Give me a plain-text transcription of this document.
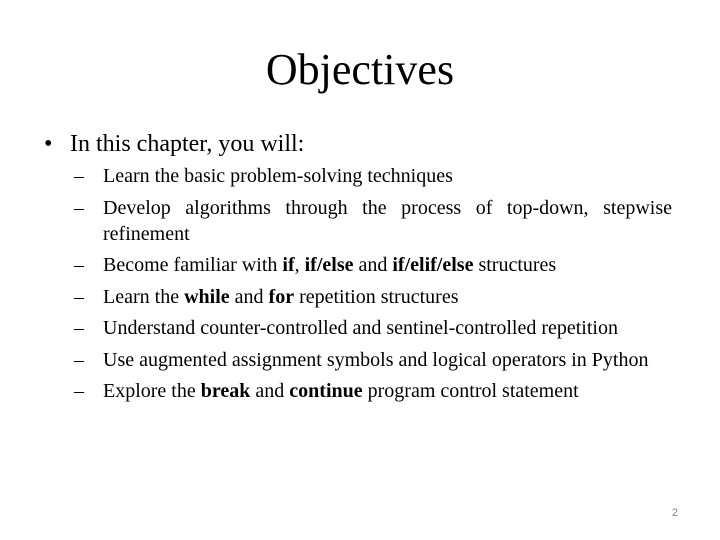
Objectives
• In this chapter, you will:
– Learn the basic problem-solving techniques
– Develop algorithms through the process of top-down, stepwise refinement
– Become familiar with if, if/else and if/elif/else structures
– Learn the while and for repetition structures
– Understand counter-controlled and sentinel-controlled repetition
– Use augmented assignment symbols and logical operators in Python
– Explore the break and continue program control statement
2
